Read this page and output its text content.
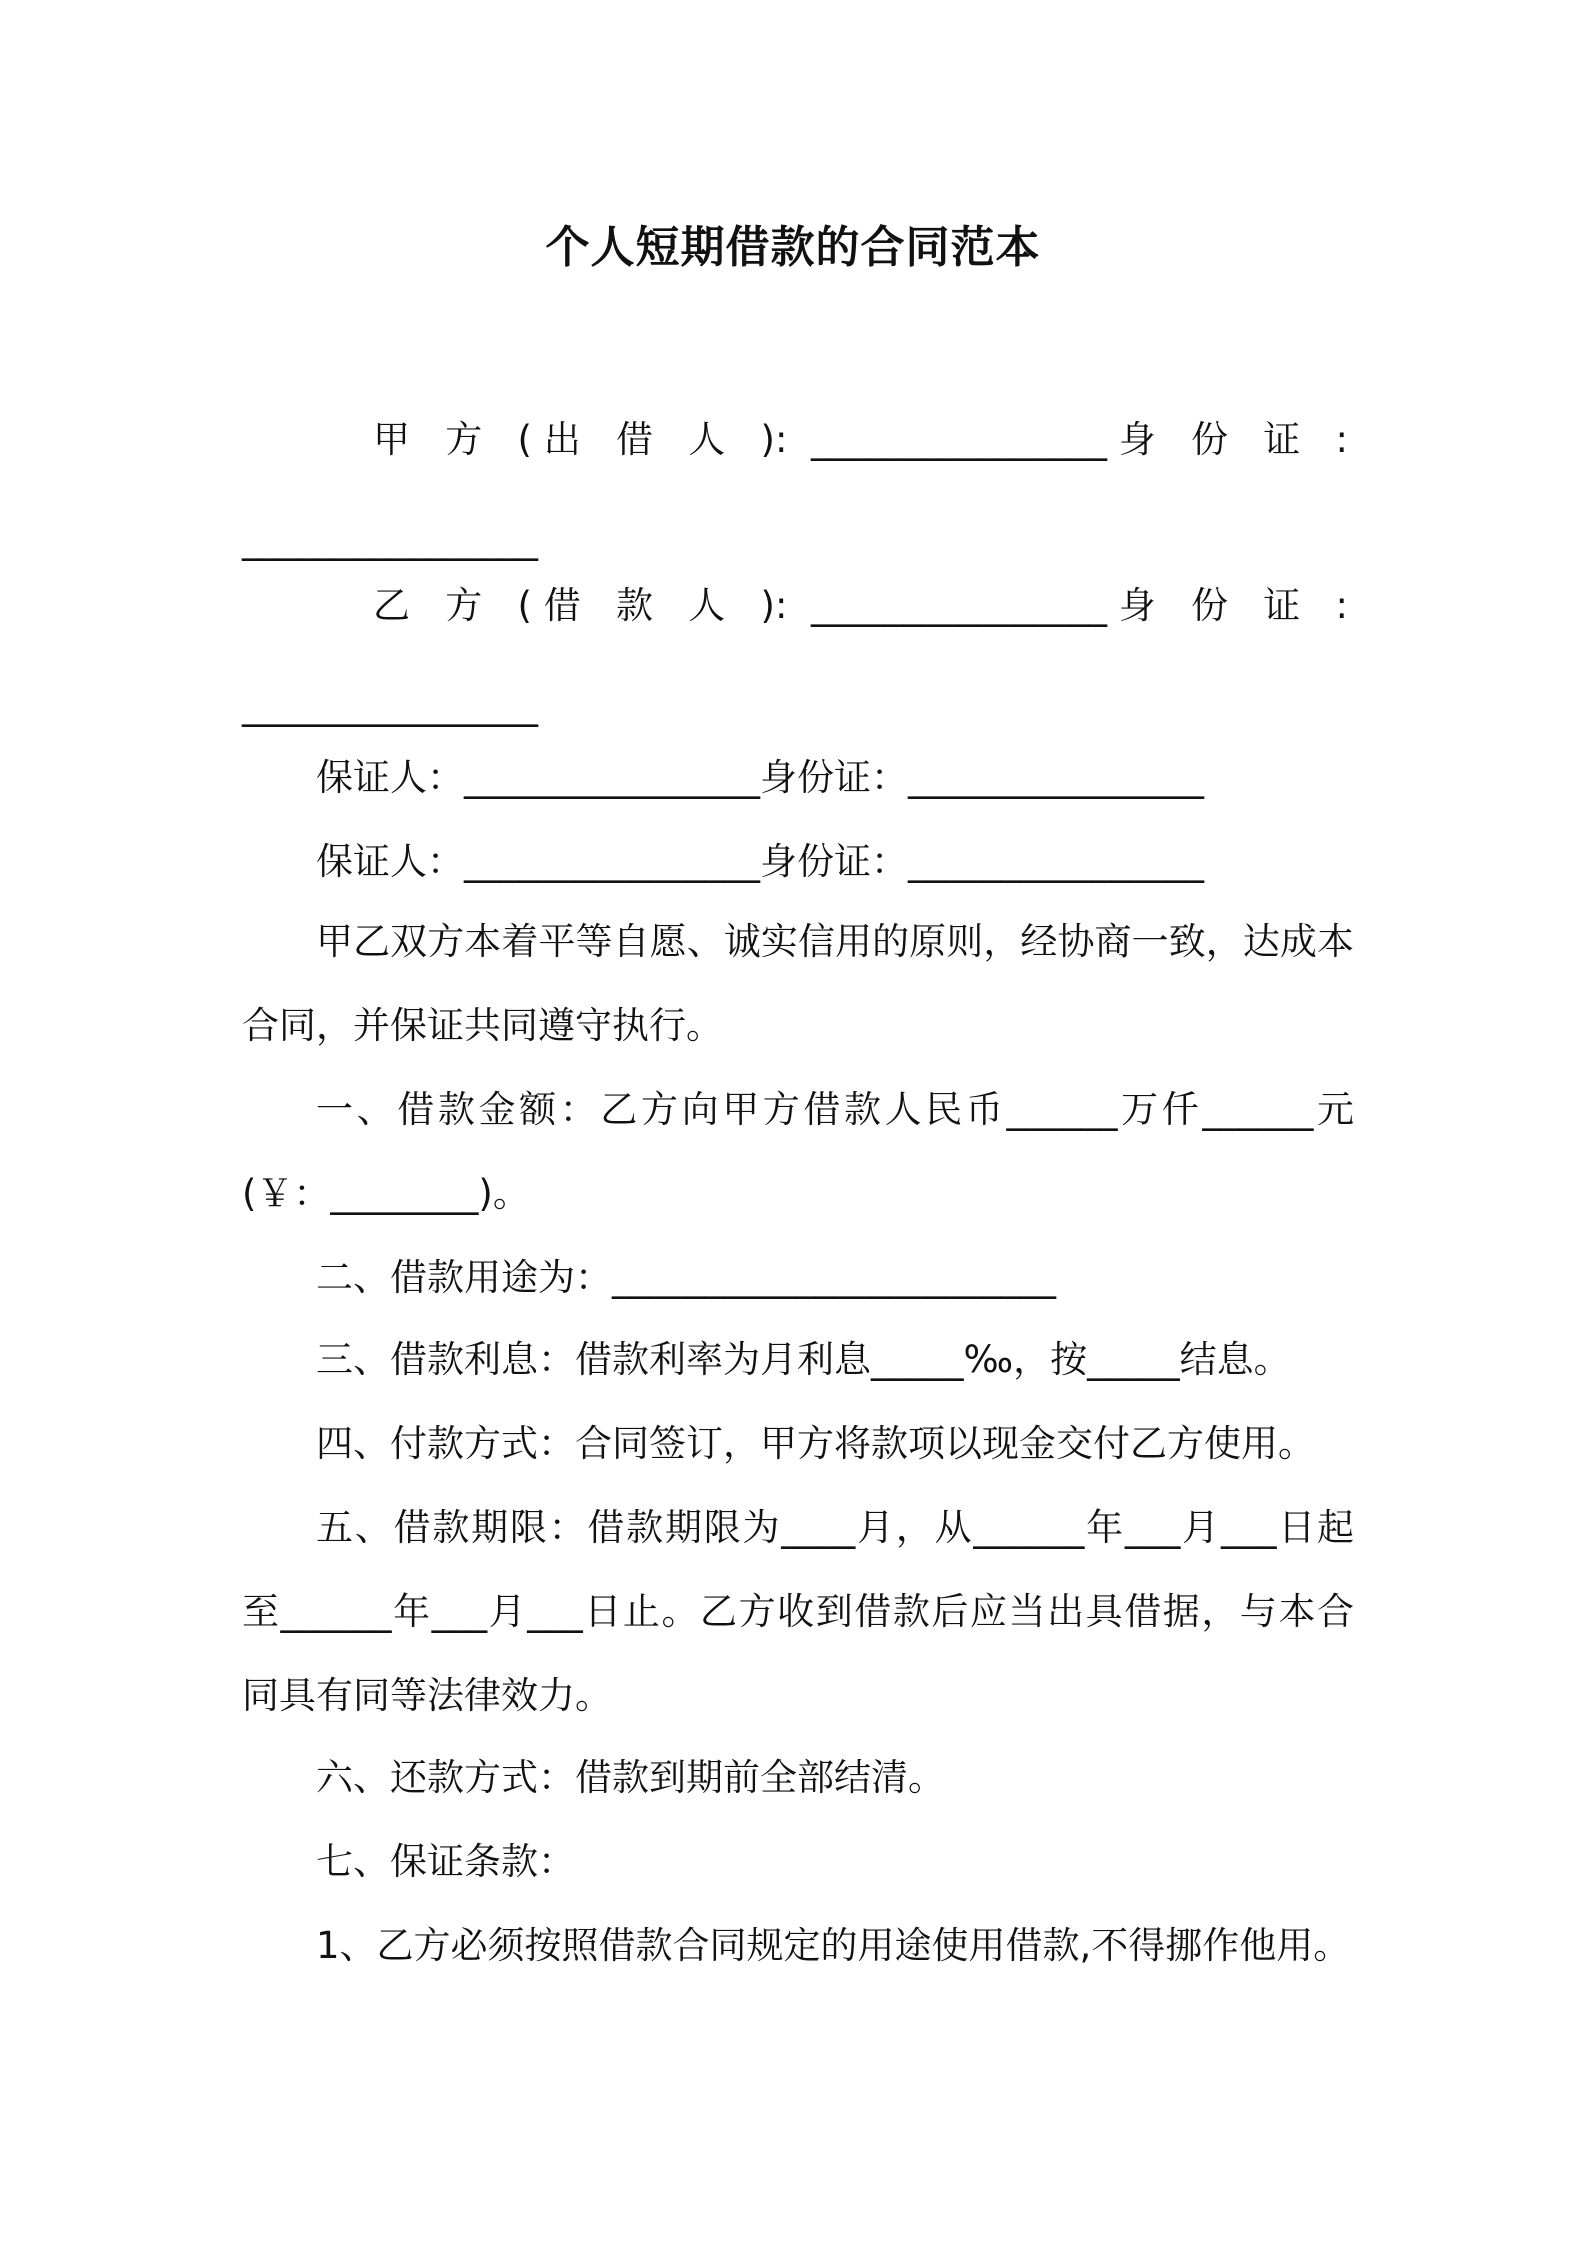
个人短期借款的合同范本
甲 方 (出 借 人 ): ________________身 份 证 :
________________
乙 方 (借 款 人 ): ________________身 份 证 :
________________
保证人：________________身份证：________________
保证人：________________身份证：________________
甲乙双方本着平等自愿、诚实信用的原则，经协商一致，达成本
合同，并保证共同遵守执行。
一、借款金额：乙方向甲方借款人民币______万仟______元
(￥：________)。
二、借款用途为：________________________
三、借款利息：借款利率为月利息_____‰，按_____结息。
四、付款方式：合同签订，甲方将款项以现金交付乙方使用。
五、借款期限：借款期限为____月，从______年___月___日起
至______年___月___日止。乙方收到借款后应当出具借据，与本合
同具有同等法律效力。
六、还款方式：借款到期前全部结清。
七、保证条款：
1、乙方必须按照借款合同规定的用途使用借款,不得挪作他用。
